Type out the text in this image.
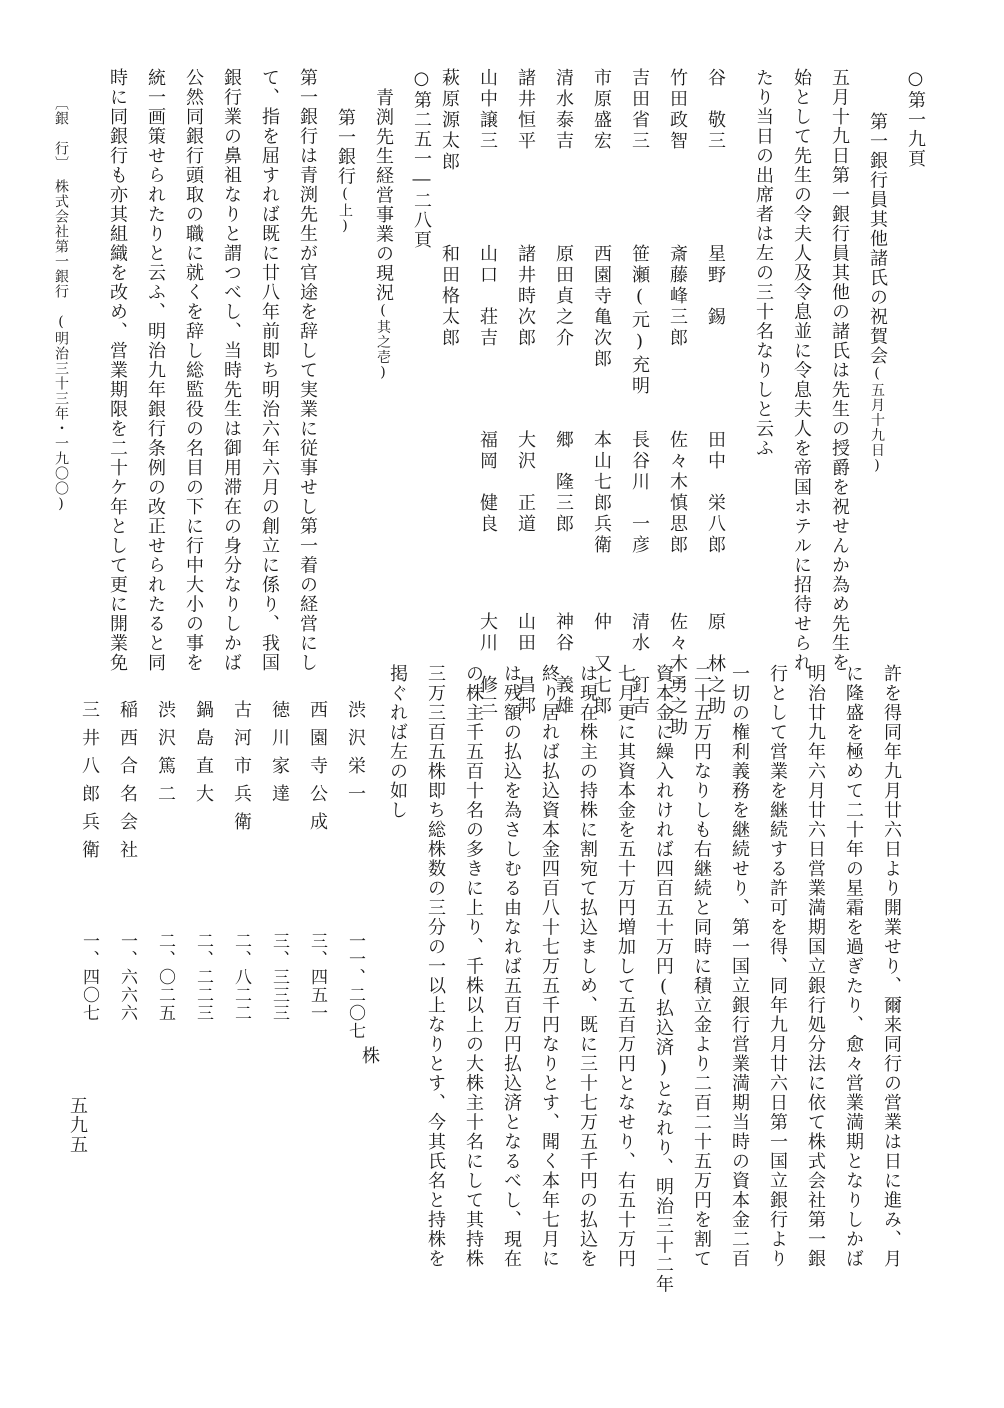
○第一九頁
第一銀行員其他諸氏の祝賀会(五月十九日)
五月十九日第一銀行員其他の諸氏は先生の授爵を祝せんか為め先生を
始として先生の令夫人及令息並に令息夫人を帝国ホテルに招待せられ
たり当日の出席者は左の三十名なりしと云ふ
谷　敬三
星野　錫
田中　栄八郎
原　林之助
竹田政智
斎藤峰三郎
佐々木慎思郎
佐々木勇之助
吉田省三
笹瀬(元)充明
長谷川　一彦
清水　釘吉
市原盛宏
西園寺亀次郎
本山七郎兵衛
仲　又七郎
清水泰吉
原田貞之介
郷　隆三郎
神谷　義雄
諸井恒平
諸井時次郎
大沢　正道
山田　昌邦
山中譲三
山口　荘吉
福岡　健良
大川　修三
萩原源太郎
和田格太郎
○第二五一―二八頁
青渕先生経営事業の現況(其之壱)
第一銀行(上)
第一銀行は青渕先生が官途を辞して実業に従事せし第一着の経営にし
て、指を屈すれば既に廿八年前即ち明治六年六月の創立に係り、我国
銀行業の鼻祖なりと謂つべし、当時先生は御用滞在の身分なりしかば
公然同銀行頭取の職に就くを辞し総監役の名目の下に行中大小の事を
統一画策せられたりと云ふ、明治九年銀行条例の改正せられたると同
時に同銀行も亦其組織を改め、営業期限を二十ケ年として更に開業免
〔銀　行〕　株式会社第一銀行　(明治三十三年・一九〇〇)
許を得同年九月廿六日より開業せり、爾来同行の営業は日に進み、月
に隆盛を極めて二十年の星霜を過ぎたり、愈々営業満期となりしかば
明治廿九年六月廿六日営業満期国立銀行処分法に依て株式会社第一銀
行として営業を継続する許可を得、同年九月廿六日第一国立銀行より
一切の権利義務を継続せり、第一国立銀行営業満期当時の資本金二百
二十五万円なりしも右継続と同時に積立金より二百二十五万円を割て
資本金に繰入れければ四百五十万円(払込済)となれり、明治三十二年
七月更に其資本金を五十万円増加して五百万円となせり、右五十万円
は現在株主の持株に割宛て払込ましめ、既に三十七万五千円の払込を
終り居れば払込資本金四百八十七万五千円なりとす、聞く本年七月に
は残額の払込を為さしむる由なれば五百万円払込済となるべし、現在
の株主千五百十名の多きに上り、千株以上の大株主十名にして其持株
三万三百五株即ち総株数の三分の一以上なりとす、今其氏名と持株を
掲ぐれば左の如し
株
渋沢栄一
一一、二〇七
西園寺公成
三、四五一
徳川家達
三、三三三
古河市兵衛
二、八二二
鍋島直大
二、二二三
渋沢篤二
二、〇二五
稲西合名会社
一、六六六
三井八郎兵衛
一、四〇七
五九五
